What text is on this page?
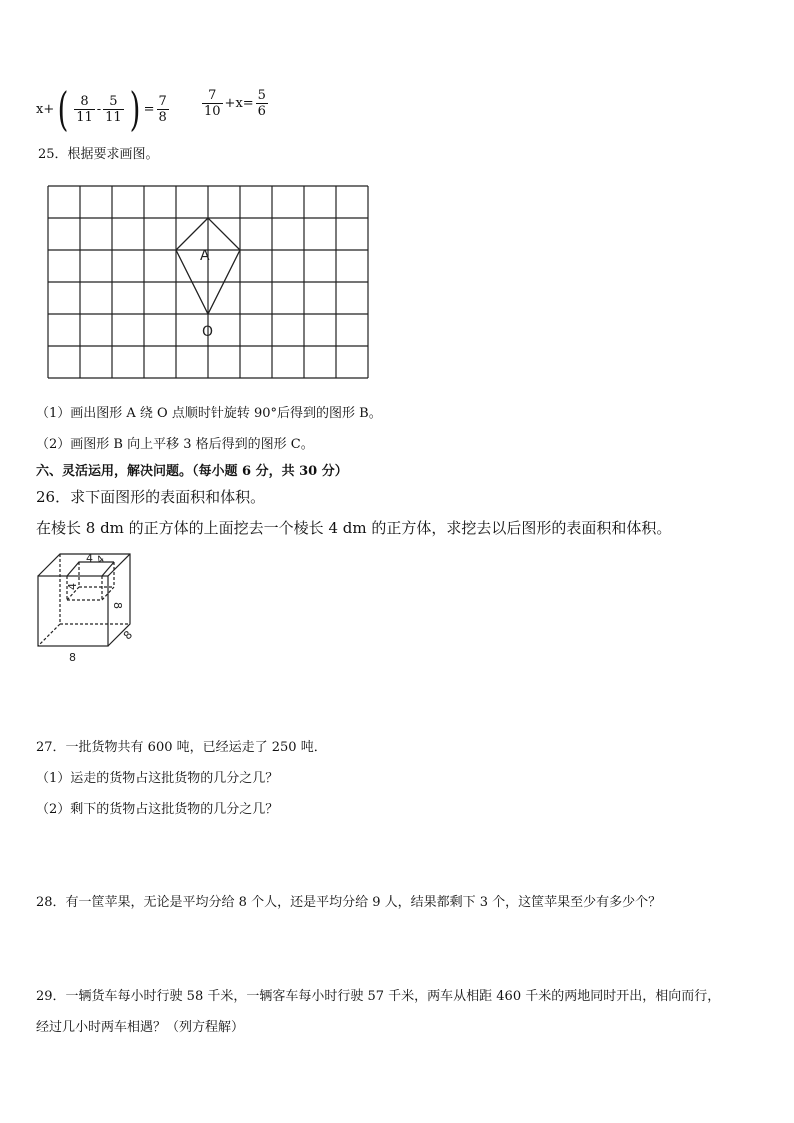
x+ ( $\frac{8}{11} - \frac{5}{11}$ ) = $\frac{7}{8}$	$\frac{7}{10} +x= \frac{5}{6}$
25．根据要求画图。
A
O
（1）画出图形 A 绕 O 点顺时针旋转 90°后得到的图形 B。
（2）画图形 B 向上平移 3 格后得到的图形 C。
六、灵活运用，解决问题。（每小题 6 分，共 30 分）
26．求下面图形的表面积和体积。
在棱长 8 dm 的正方体的上面挖去一个棱长 4 dm 的正方体，求挖去以后图形的表面积和体积。
4 4
4
8
8
8
27．一批货物共有 600 吨，已经运走了 250 吨．
（1）运走的货物占这批货物的几分之几？
（2）剩下的货物占这批货物的几分之几？
28．有一筐苹果，无论是平均分给 8 个人，还是平均分给 9 人，结果都剩下 3 个，这筐苹果至少有多少个？
29．一辆货车每小时行驶 58 千米，一辆客车每小时行驶 57 千米，两车从相距 460 千米的两地同时开出，相向而行，
经过几小时两车相遇？（列方程解）
